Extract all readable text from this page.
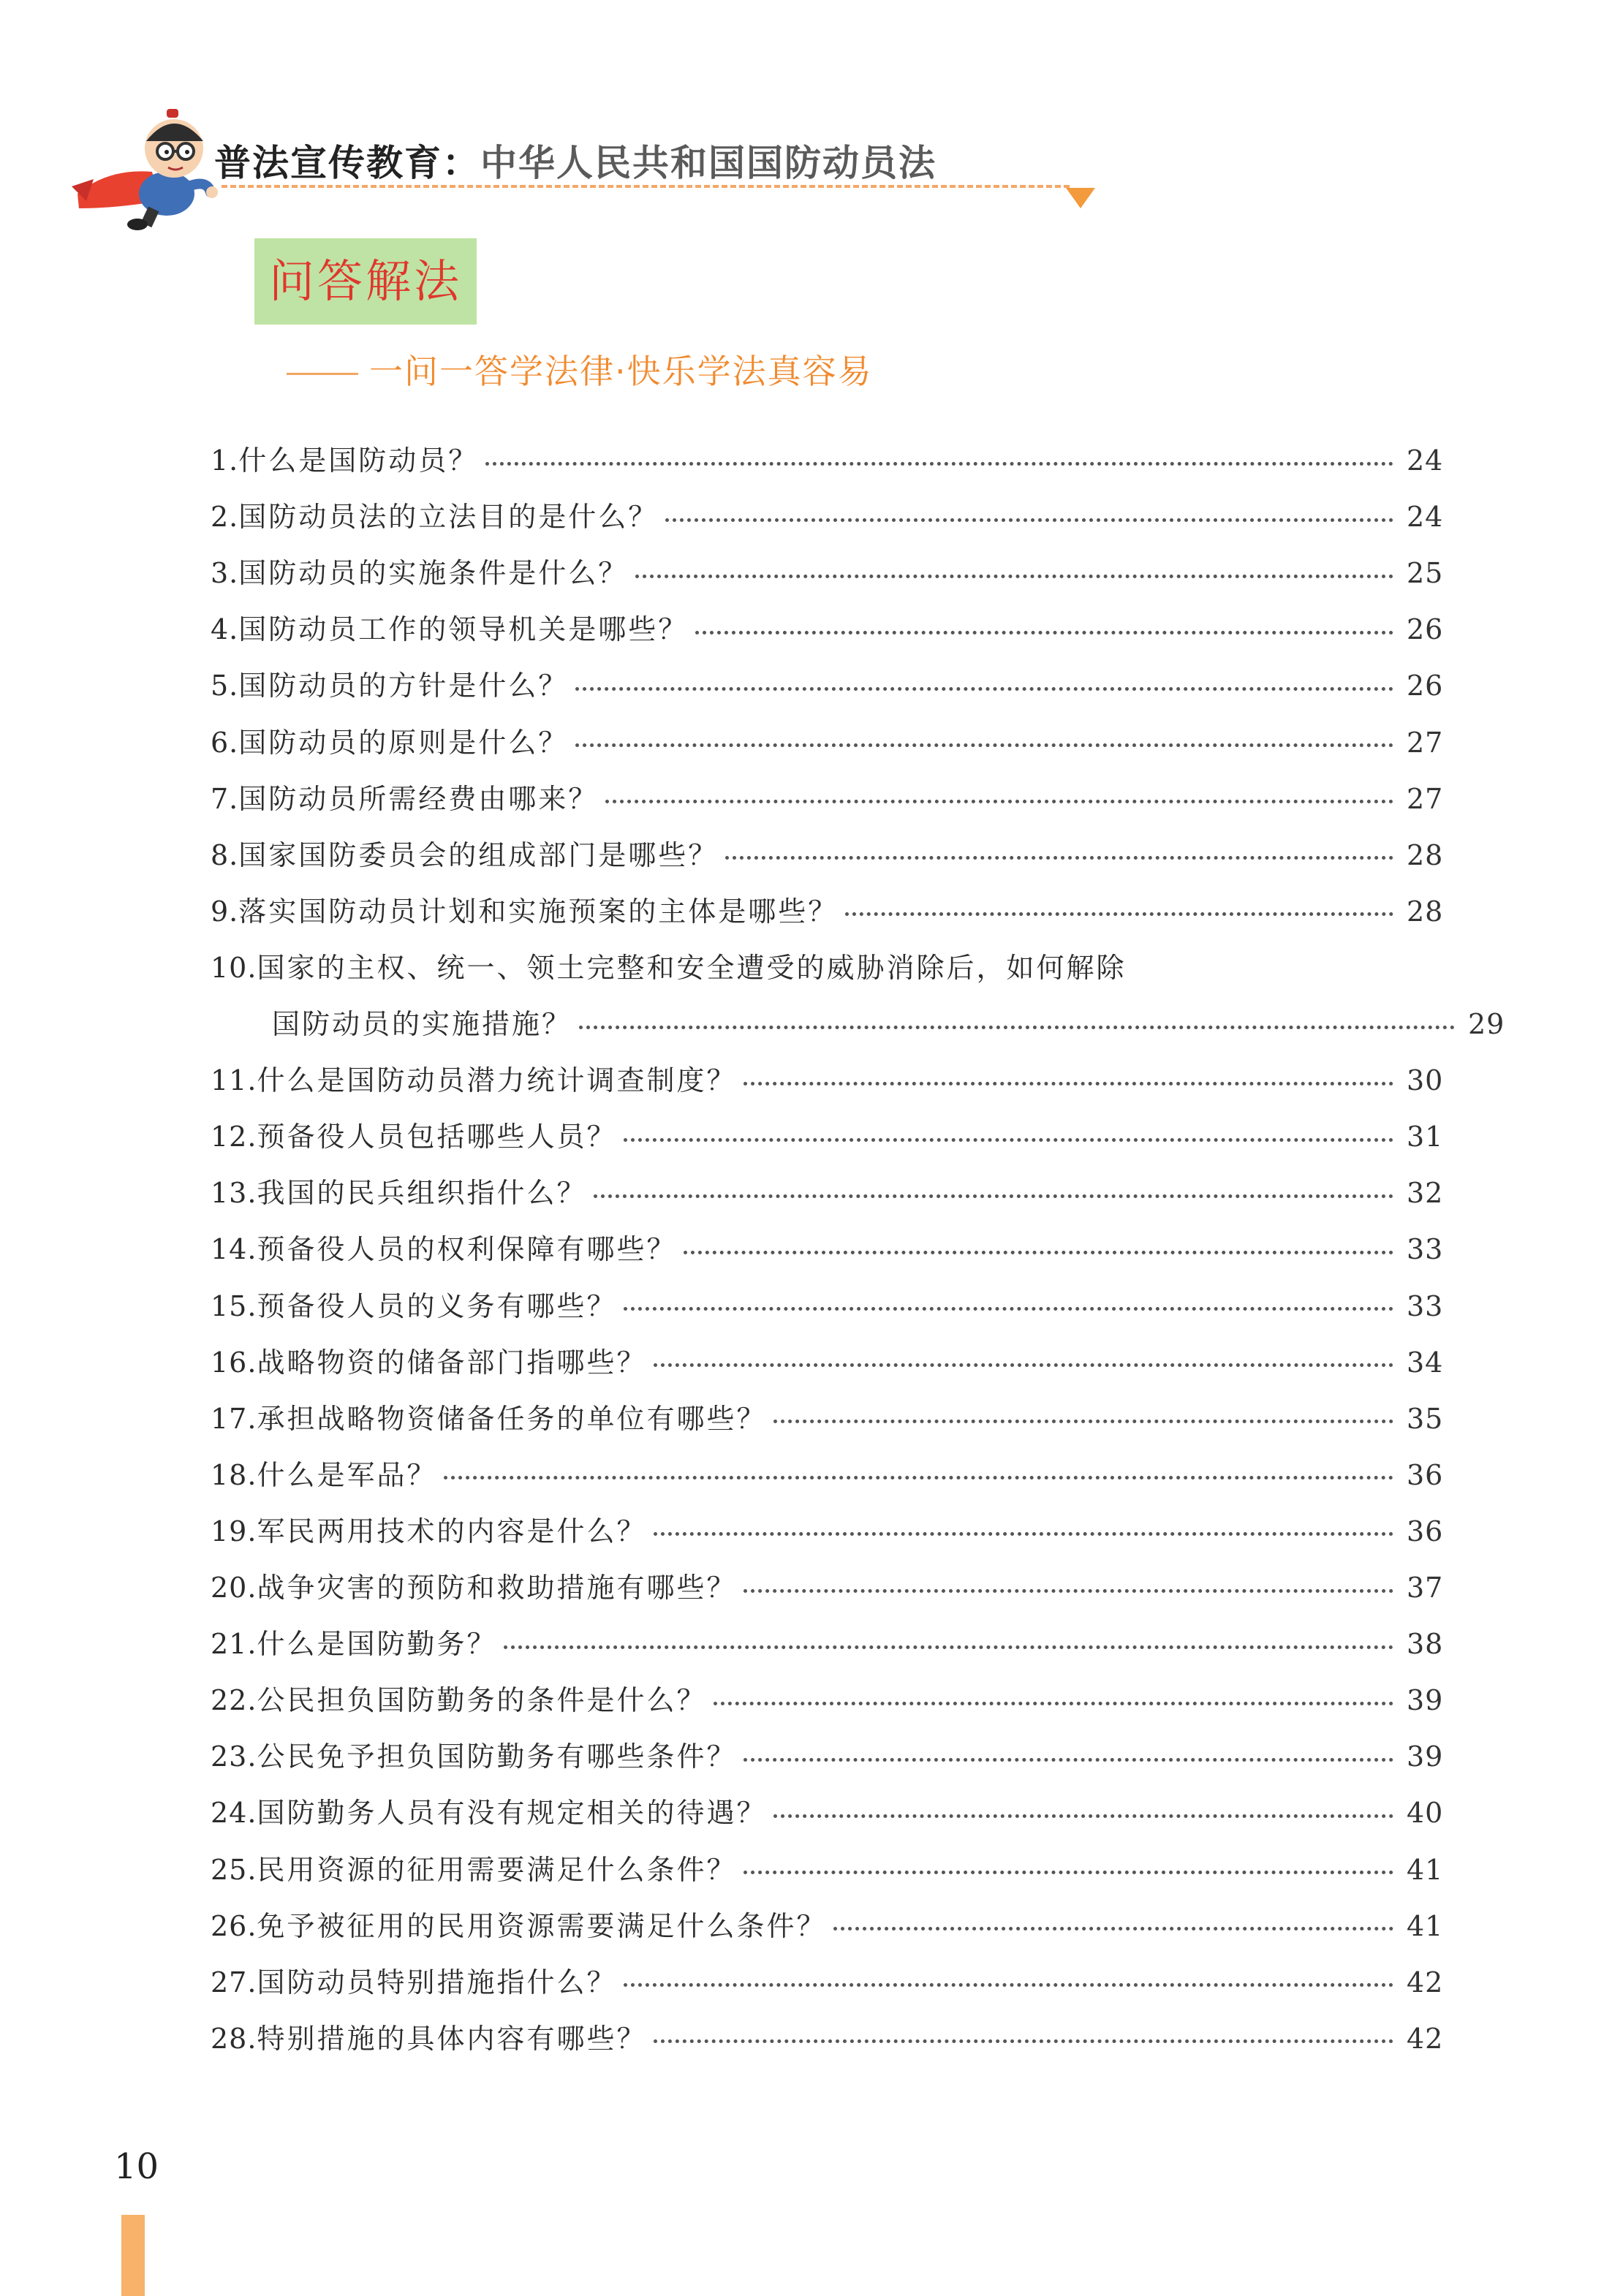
普法宣传教育：中华人民共和国国防动员法
问答解法
一问一答学法律·快乐学法真容易
1. 什么是国防动员？	24
2. 国防动员法的立法目的是什么？	24
3. 国防动员的实施条件是什么？	25
4. 国防动员工作的领导机关是哪些？	26
5. 国防动员的方针是什么？	26
6. 国防动员的原则是什么？	27
7. 国防动员所需经费由哪来？	27
8. 国家国防委员会的组成部门是哪些？	28
9. 落实国防动员计划和实施预案的主体是哪些？	28
10. 国家的主权、统一、领土完整和安全遭受的威胁消除后，如何解除
国防动员的实施措施？	29
11. 什么是国防动员潜力统计调查制度？	30
12. 预备役人员包括哪些人员？	31
13. 我国的民兵组织指什么？	32
14. 预备役人员的权利保障有哪些？	33
15. 预备役人员的义务有哪些？	33
16. 战略物资的储备部门指哪些？	34
17. 承担战略物资储备任务的单位有哪些？	35
18. 什么是军品？	36
19. 军民两用技术的内容是什么？	36
20. 战争灾害的预防和救助措施有哪些？	37
21. 什么是国防勤务？	38
22. 公民担负国防勤务的条件是什么？	39
23. 公民免予担负国防勤务有哪些条件？	39
24. 国防勤务人员有没有规定相关的待遇？	40
25. 民用资源的征用需要满足什么条件？	41
26. 免予被征用的民用资源需要满足什么条件？	41
27. 国防动员特别措施指什么？	42
28. 特别措施的具体内容有哪些？	42
10
